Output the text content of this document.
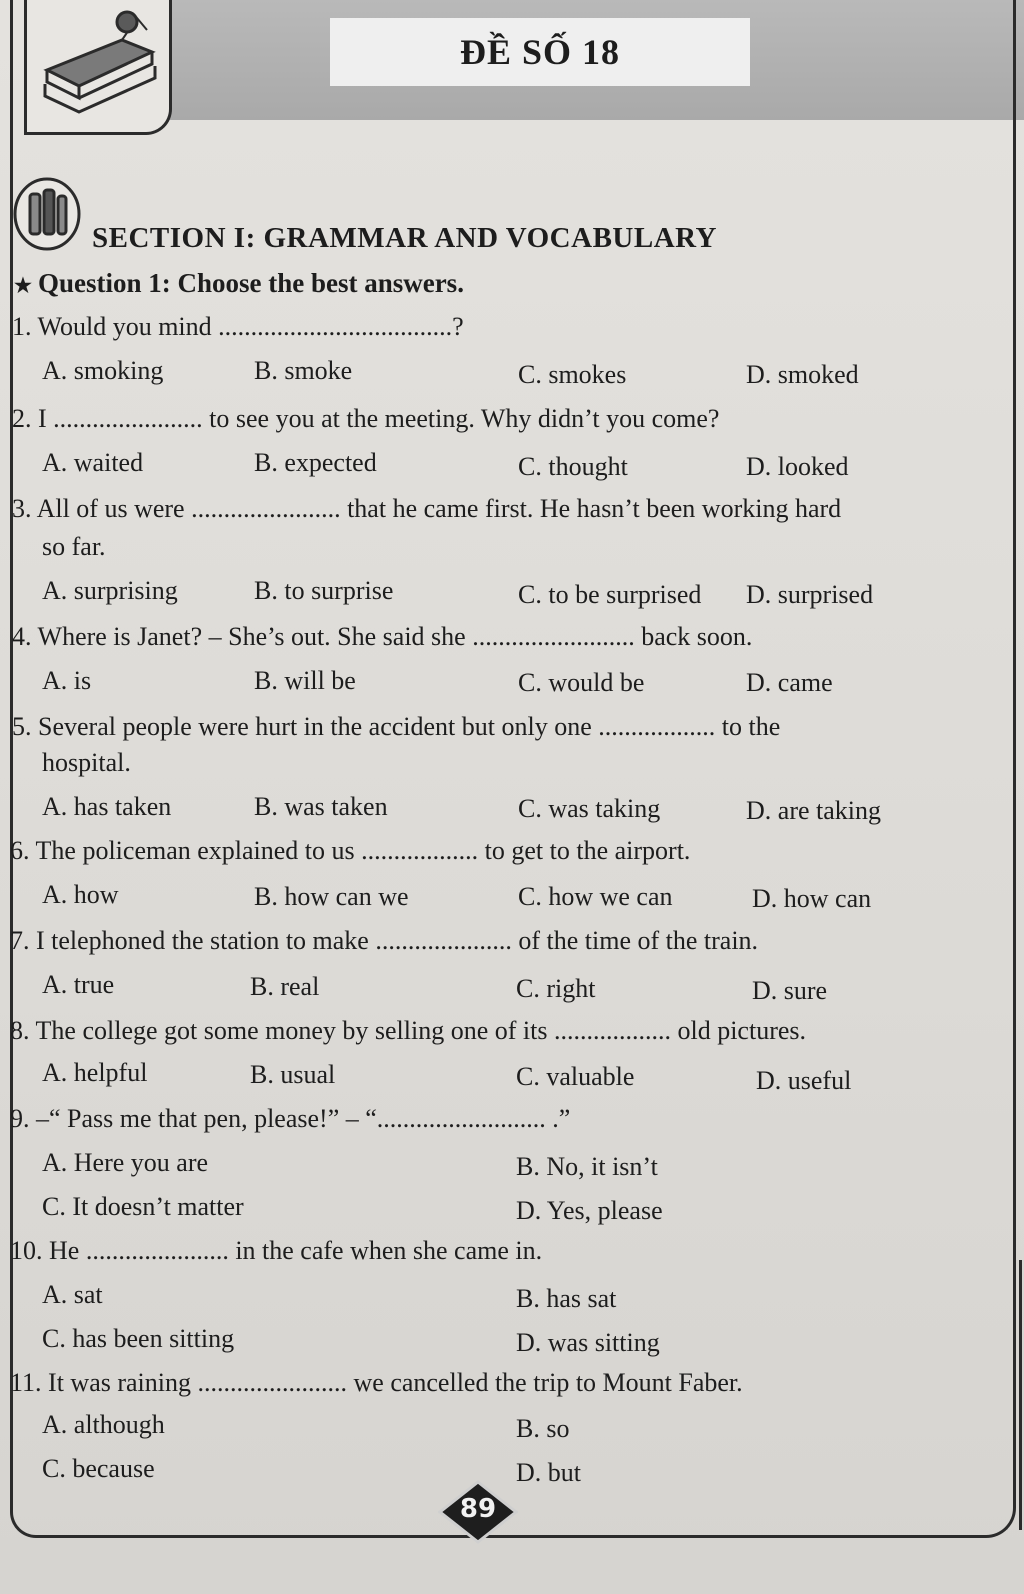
ĐỀ SỐ 18
SECTION I: GRAMMAR AND VOCABULARY
★ Question 1: Choose the best answers.
1. Would you mind ....................................?
A. smoking	B. smoke	C. smokes	D. smoked
2. I ....................... to see you at the meeting. Why didn’t you come?
A. waited	B. expected	C. thought	D. looked
3. All of us were ....................... that he came first. He hasn’t been working hard
so far.
A. surprising	B. to surprise	C. to be surprised D. surprised
4. Where is Janet? – She’s out. She said she ......................... back soon.
A. is	B. will be	C. would be	D. came
5. Several people were hurt in the accident but only one .................. to the
hospital.
A. has taken	B. was taken	C. was taking	D. are taking
6. The policeman explained to us .................. to get to the airport.
A. how	B. how can we	C. how we can	D. how can
7. I telephoned the station to make ..................... of the time of the train.
A. true	B. real	C. right	D. sure
8. The college got some money by selling one of its .................. old pictures.
A. helpful	B. usual	C. valuable	D. useful
9. –“ Pass me that pen, please!” – “.......................... .”
A. Here you are	B. No, it isn’t
C. It doesn’t matter	D. Yes, please
10. He ...................... in the cafe when she came in.
A. sat	B. has sat
C. has been sitting	D. was sitting
11. It was raining ....................... we cancelled the trip to Mount Faber.
A. although	B. so
C. because	D. but
89
